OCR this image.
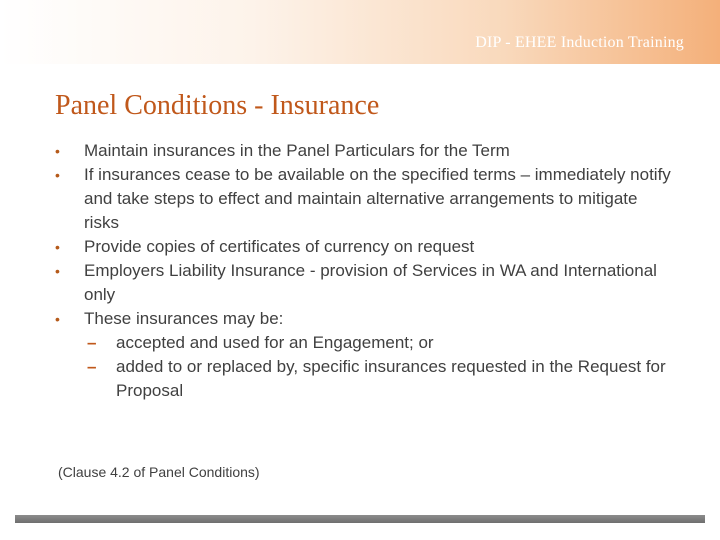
DIP - EHEE Induction Training
Panel Conditions - Insurance
•	Maintain insurances in the Panel Particulars for the Term
•	If insurances cease to be available on the specified terms – immediately notify and take steps to effect and maintain alternative arrangements to mitigate risks
•	Provide copies of certificates of currency on request
•	Employers Liability Insurance - provision of Services in WA and International only
•	These insurances may be:
– accepted and used for an Engagement; or
– added to or replaced by, specific insurances requested in the Request for Proposal
(Clause 4.2 of Panel Conditions)
